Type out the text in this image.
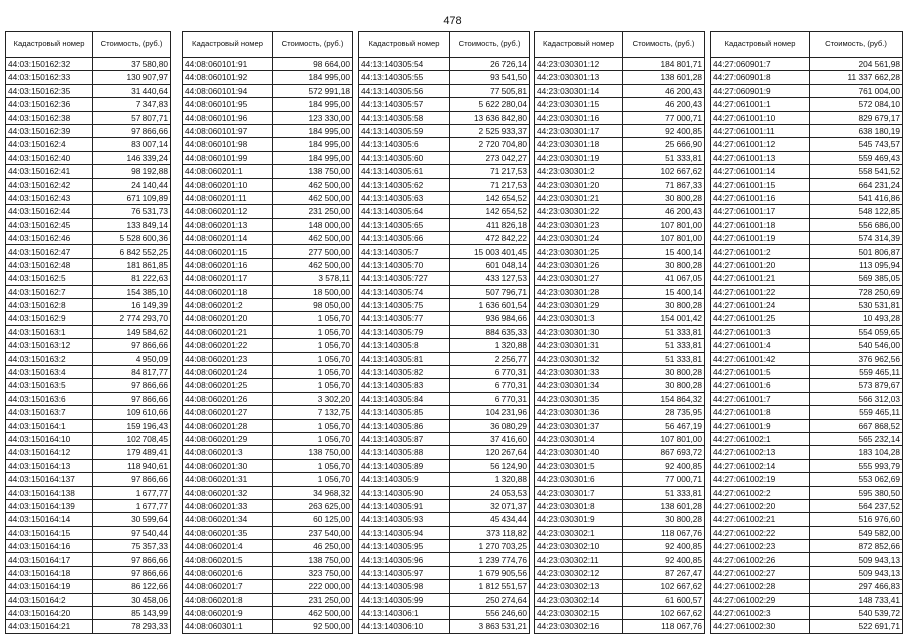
478
Кадастровый номер	Стоимость, (руб.)
44:03:150162:32	37 580,80
44:03:150162:33	130 907,97
44:03:150162:35	31 440,64
44:03:150162:36	7 347,83
44:03:150162:38	57 807,71
44:03:150162:39	97 866,66
44:03:150162:4	83 007,14
44:03:150162:40	146 339,24
44:03:150162:41	98 192,88
44:03:150162:42	24 140,44
44:03:150162:43	671 109,89
44:03:150162:44	76 531,73
44:03:150162:45	133 849,14
44:03:150162:46	5 528 600,36
44:03:150162:47	6 842 552,25
44:03:150162:48	181 861,85
44:03:150162:5	81 222,63
44:03:150162:7	154 385,10
44:03:150162:8	16 149,39
44:03:150162:9	2 774 293,70
44:03:150163:1	149 584,62
44:03:150163:12	97 866,66
44:03:150163:2	4 950,09
44:03:150163:4	84 817,77
44:03:150163:5	97 866,66
44:03:150163:6	97 866,66
44:03:150163:7	109 610,66
44:03:150164:1	159 196,43
44:03:150164:10	102 708,45
44:03:150164:12	179 489,41
44:03:150164:13	118 940,61
44:03:150164:137	97 866,66
44:03:150164:138	1 677,77
44:03:150164:139	1 677,77
44:03:150164:14	30 599,64
44:03:150164:15	97 540,44
44:03:150164:16	75 357,33
44:03:150164:17	97 866,66
44:03:150164:18	97 866,66
44:03:150164:19	86 122,66
44:03:150164:2	30 458,06
44:03:150164:20	85 143,99
44:03:150164:21	78 293,33
Кадастровый номер	Стоимость, (руб.)
44:08:060101:91	98 664,00
44:08:060101:92	184 995,00
44:08:060101:94	572 991,18
44:08:060101:95	184 995,00
44:08:060101:96	123 330,00
44:08:060101:97	184 995,00
44:08:060101:98	184 995,00
44:08:060101:99	184 995,00
44:08:060201:1	138 750,00
44:08:060201:10	462 500,00
44:08:060201:11	462 500,00
44:08:060201:12	231 250,00
44:08:060201:13	148 000,00
44:08:060201:14	462 500,00
44:08:060201:15	277 500,00
44:08:060201:16	462 500,00
44:08:060201:17	3 578,11
44:08:060201:18	18 500,00
44:08:060201:2	98 050,00
44:08:060201:20	1 056,70
44:08:060201:21	1 056,70
44:08:060201:22	1 056,70
44:08:060201:23	1 056,70
44:08:060201:24	1 056,70
44:08:060201:25	1 056,70
44:08:060201:26	3 302,20
44:08:060201:27	7 132,75
44:08:060201:28	1 056,70
44:08:060201:29	1 056,70
44:08:060201:3	138 750,00
44:08:060201:30	1 056,70
44:08:060201:31	1 056,70
44:08:060201:32	34 968,32
44:08:060201:33	263 625,00
44:08:060201:34	60 125,00
44:08:060201:35	237 540,00
44:08:060201:4	46 250,00
44:08:060201:5	138 750,00
44:08:060201:6	323 750,00
44:08:060201:7	222 000,00
44:08:060201:8	231 250,00
44:08:060201:9	462 500,00
44:08:060301:1	92 500,00
Кадастровый номер	Стоимость, (руб.)
44:13:140305:54	26 726,14
44:13:140305:55	93 541,50
44:13:140305:56	77 505,81
44:13:140305:57	5 622 280,04
44:13:140305:58	13 636 842,80
44:13:140305:59	2 525 933,37
44:13:140305:6	2 720 704,80
44:13:140305:60	273 042,27
44:13:140305:61	71 217,53
44:13:140305:62	71 217,53
44:13:140305:63	142 654,52
44:13:140305:64	142 654,52
44:13:140305:65	411 826,18
44:13:140305:66	472 842,22
44:13:140305:7	15 003 401,45
44:13:140305:70	601 048,14
44:13:140305:727	433 127,53
44:13:140305:74	507 796,71
44:13:140305:75	1 636 601,54
44:13:140305:77	936 984,66
44:13:140305:79	884 635,33
44:13:140305:8	1 320,88
44:13:140305:81	2 256,77
44:13:140305:82	6 770,31
44:13:140305:83	6 770,31
44:13:140305:84	6 770,31
44:13:140305:85	104 231,96
44:13:140305:86	36 080,29
44:13:140305:87	37 416,60
44:13:140305:88	120 267,64
44:13:140305:89	56 124,90
44:13:140305:9	1 320,88
44:13:140305:90	24 053,53
44:13:140305:91	32 071,37
44:13:140305:93	45 434,44
44:13:140305:94	373 118,82
44:13:140305:95	1 270 703,25
44:13:140305:96	1 239 774,76
44:13:140305:97	1 679 905,56
44:13:140305:98	1 812 551,57
44:13:140305:99	250 274,64
44:13:140306:1	556 246,60
44:13:140306:10	3 863 531,21
Кадастровый номер	Стоимость, (руб.)
44:23:030301:12	184 801,71
44:23:030301:13	138 601,28
44:23:030301:14	46 200,43
44:23:030301:15	46 200,43
44:23:030301:16	77 000,71
44:23:030301:17	92 400,85
44:23:030301:18	25 666,90
44:23:030301:19	51 333,81
44:23:030301:2	102 667,62
44:23:030301:20	71 867,33
44:23:030301:21	30 800,28
44:23:030301:22	46 200,43
44:23:030301:23	107 801,00
44:23:030301:24	107 801,00
44:23:030301:25	15 400,14
44:23:030301:26	30 800,28
44:23:030301:27	41 067,05
44:23:030301:28	15 400,14
44:23:030301:29	30 800,28
44:23:030301:3	154 001,42
44:23:030301:30	51 333,81
44:23:030301:31	51 333,81
44:23:030301:32	51 333,81
44:23:030301:33	30 800,28
44:23:030301:34	30 800,28
44:23:030301:35	154 864,32
44:23:030301:36	28 735,95
44:23:030301:37	56 467,19
44:23:030301:4	107 801,00
44:23:030301:40	867 693,72
44:23:030301:5	92 400,85
44:23:030301:6	77 000,71
44:23:030301:7	51 333,81
44:23:030301:8	138 601,28
44:23:030301:9	30 800,28
44:23:030302:1	118 067,76
44:23:030302:10	92 400,85
44:23:030302:11	92 400,85
44:23:030302:12	87 267,47
44:23:030302:13	102 667,62
44:23:030302:14	61 600,57
44:23:030302:15	102 667,62
44:23:030302:16	118 067,76
Кадастровый номер	Стоимость, (руб.)
44:27:060901:7	204 561,98
44:27:060901:8	11 337 662,28
44:27:060901:9	761 004,00
44:27:061001:1	572 084,10
44:27:061001:10	829 679,17
44:27:061001:11	638 180,19
44:27:061001:12	545 743,57
44:27:061001:13	559 469,43
44:27:061001:14	558 541,52
44:27:061001:15	664 231,24
44:27:061001:16	541 416,86
44:27:061001:17	548 122,85
44:27:061001:18	556 686,00
44:27:061001:19	574 314,39
44:27:061001:2	501 806,87
44:27:061001:20	113 095,94
44:27:061001:21	569 385,05
44:27:061001:22	728 250,69
44:27:061001:24	530 531,81
44:27:061001:25	10 493,28
44:27:061001:3	554 059,65
44:27:061001:4	540 546,00
44:27:061001:42	376 962,56
44:27:061001:5	559 465,11
44:27:061001:6	573 879,67
44:27:061001:7	566 312,03
44:27:061001:8	559 465,11
44:27:061001:9	667 868,52
44:27:061002:1	565 232,14
44:27:061002:13	183 104,28
44:27:061002:14	555 993,79
44:27:061002:19	553 062,69
44:27:061002:2	595 380,50
44:27:061002:20	564 237,52
44:27:061002:21	516 976,60
44:27:061002:22	549 582,00
44:27:061002:23	872 852,66
44:27:061002:26	509 943,13
44:27:061002:27	509 943,13
44:27:061002:28	297 466,83
44:27:061002:29	148 733,41
44:27:061002:3	540 539,72
44:27:061002:30	522 691,71
